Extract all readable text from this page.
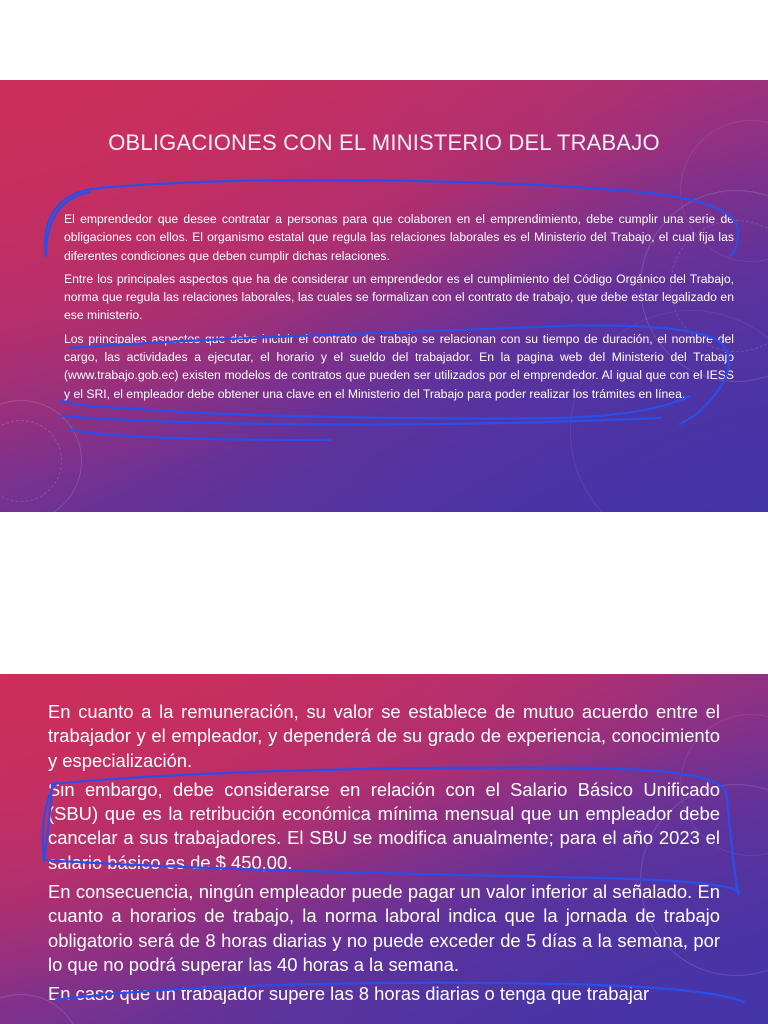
OBLIGACIONES CON EL MINISTERIO DEL TRABAJO

El emprendedor que desee contratar a personas para que colaboren en el emprendimiento, debe cumplir una serie de obligaciones con ellos. El organismo estatal que regula las relaciones laborales es el Ministerio del Trabajo, el cual fija las diferentes condiciones que deben cumplir dichas relaciones.

Entre los principales aspectos que ha de considerar un emprendedor es el cumplimiento del Código Orgánico del Trabajo, norma que regula las relaciones laborales, las cuales se formalizan con el contrato de trabajo, que debe estar legalizado en ese ministerio.

Los principales aspectos que debe incluir el contrato de trabajo se relacionan con su tiempo de duración, el nombre del cargo, las actividades a ejecutar, el horario y el sueldo del trabajador. En la pagina web del Ministerio del Trabajo (www.trabajo.gob.ec) existen modelos de contratos que pueden ser utilizados por el emprendedor. Al igual que con el IESS y el SRI, el empleador debe obtener una clave en el Ministerio del Trabajo para poder realizar los trámites en línea.

En cuanto a la remuneración, su valor se establece de mutuo acuerdo entre el trabajador y el empleador, y dependerá de su grado de experiencia, conocimiento y especialización.

Sin embargo, debe considerarse en relación con el Salario Básico Unificado (SBU) que es la retribución económica mínima mensual que un empleador debe cancelar a sus trabajadores. El SBU se modifica anualmente; para el año 2023 el salario básico es de $ 450,00.

En consecuencia, ningún empleador puede pagar un valor inferior al señalado. En cuanto a horarios de trabajo, la norma laboral indica que la jornada de trabajo obligatorio será de 8 horas diarias y no puede exceder de 5 días a la semana, por lo que no podrá superar las 40 horas a la semana.

En caso que un trabajador supere las 8 horas diarias o tenga que trabajar
